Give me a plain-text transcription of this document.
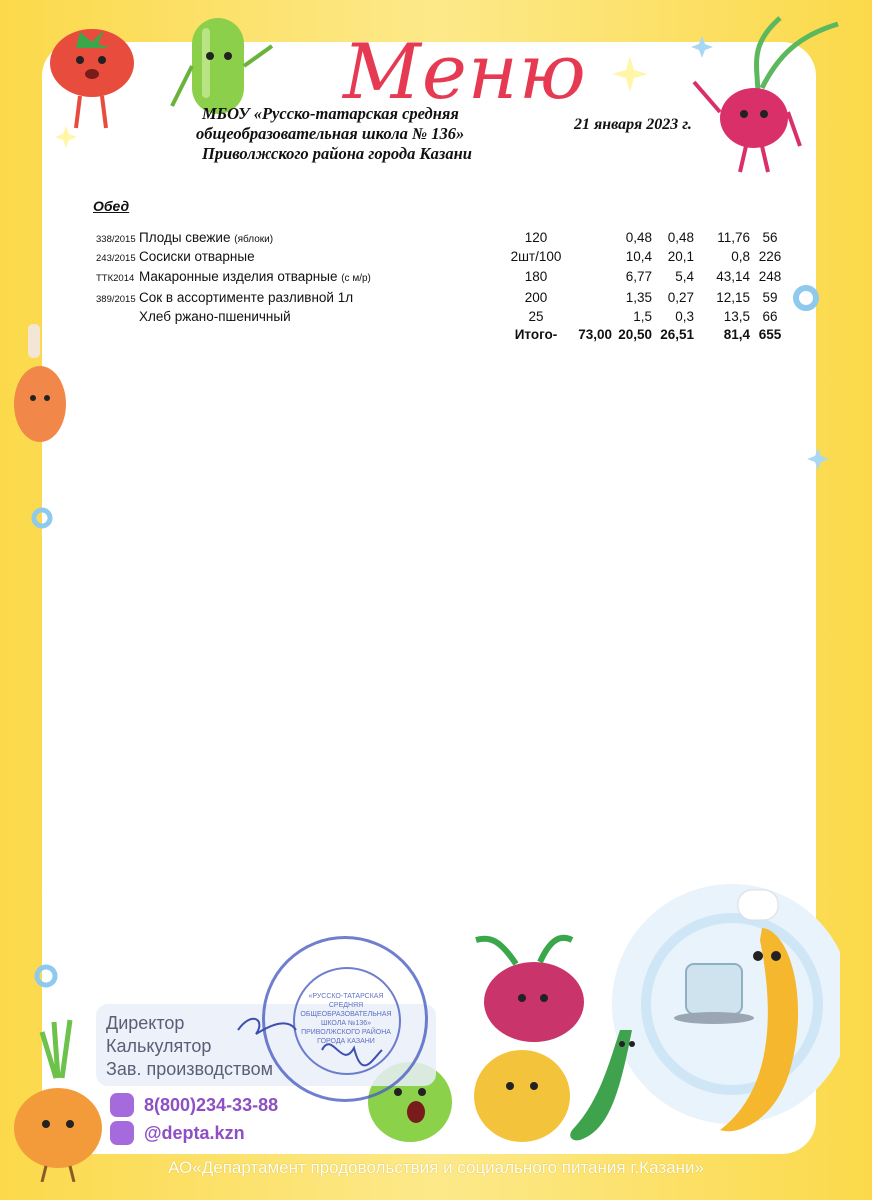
Меню
МБОУ «Русско-татарская средняя
общеобразовательная школа № 136»
Приволжского района города Казани
21 января 2023 г.
Обед
338/2015 Плоды свежие (яблоки)	120	0,48	0,48	11,76 56
243/2015 Сосиски отварные	2шт/100	10,4	20,1	0,8 226
ТТК2014 Макаронные изделия отварные (с м/р)	180	6,77	5,4	43,14 248
389/2015 Сок в ассортименте разливной 1л	200	1,35	0,27	12,15 59
Хлеб ржано-пшеничный	25	1,5	0,3	13,5 66
Итого-	73,00 20,50 26,51	81,4 655
Директор
Калькулятор
Зав. производством
«РУССКО-ТАТАРСКАЯ СРЕДНЯЯ ОБЩЕОБРАЗОВАТЕЛЬНАЯ ШКОЛА №136» ПРИВОЛЖСКОГО РАЙОНА ГОРОДА КАЗАНИ
8(800)234-33-88
@depta.kzn
АО«Департамент продовольствия и социального питания г.Казани»
